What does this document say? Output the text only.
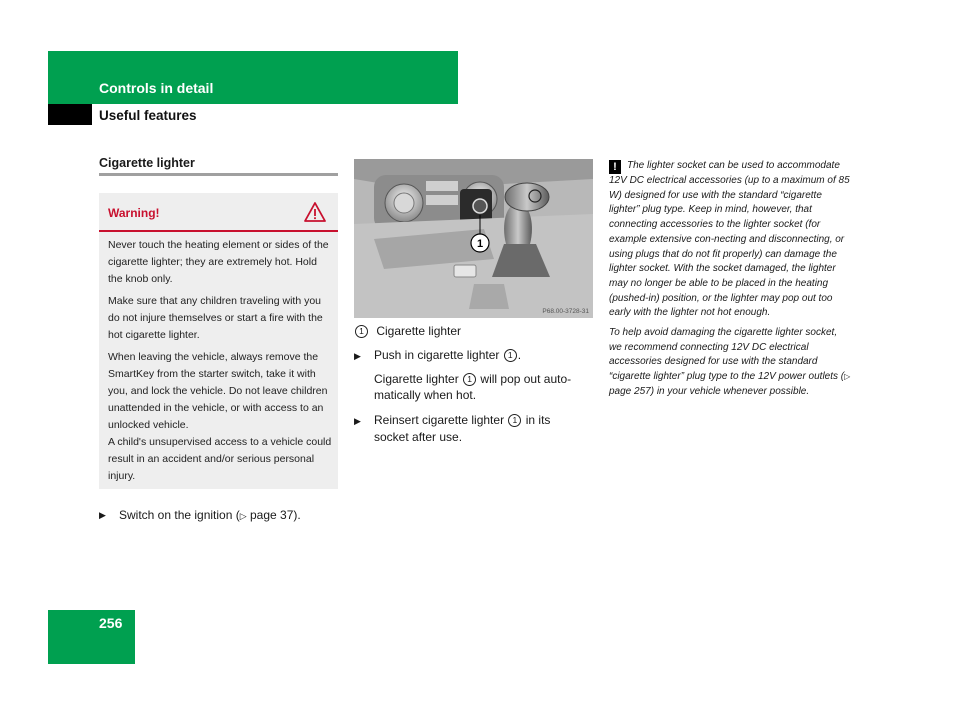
Controls in detail
Useful features
Cigarette lighter
Warning!

Never touch the heating element or sides of the cigarette lighter; they are extremely hot. Hold the knob only.

Make sure that any children traveling with you do not injure themselves or start a fire with the hot cigarette lighter.

When leaving the vehicle, always remove the SmartKey from the starter switch, take it with you, and lock the vehicle. Do not leave children unattended in the vehicle, or with access to an unlocked vehicle.

A child's unsupervised access to a vehicle could result in an accident and/or serious personal injury.

▶ Switch on the ignition (▷ page 37).
1
P68.00-3728-31
1 Cigarette lighter
▶ Push in cigarette lighter 1 .
Cigarette lighter 1 will pop out auto-
matically when hot.
▶ Reinsert cigarette lighter 1 in its
socket after use.

! The lighter socket can be used to accommodate 12V DC electrical accessories (up to a maximum of 85 W) designed for use with the standard “cigarette lighter” plug type. Keep in mind, however, that connecting accessories to the lighter socket (for example extensive con-necting and disconnecting, or using plugs that do not fit properly) can damage the lighter socket. With the socket damaged, the lighter may no longer be able to be placed in the heating (pushed-in) position, or the lighter may pop out too early with the lighter not hot enough.

To help avoid damaging the cigarette lighter socket, we recommend connecting 12V DC electrical accessories designed for use with the standard “cigarette lighter” plug type to the 12V power outlets (▷ page 257) in your vehicle whenever possible.

256
